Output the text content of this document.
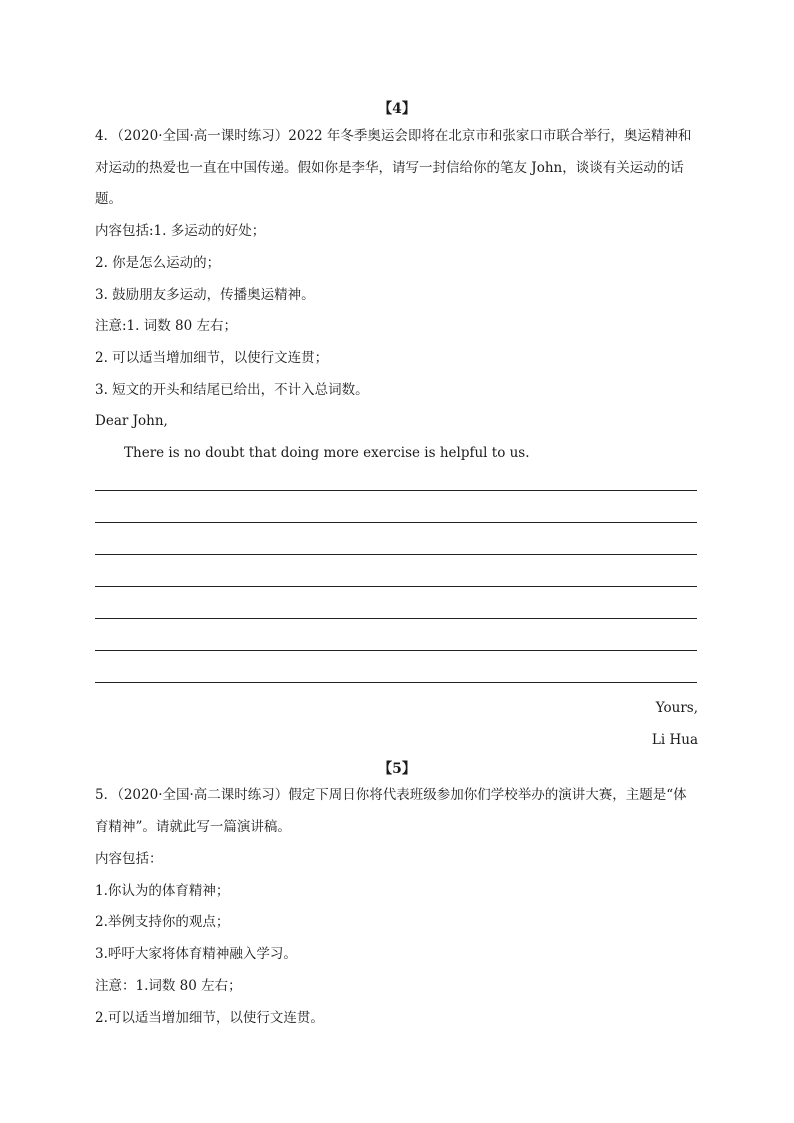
【4】
4．（2020·全国·高一课时练习）2022 年冬季奥运会即将在北京市和张家口市联合举行，奥运精神和
对运动的热爱也一直在中国传递。假如你是李华，请写一封信给你的笔友 John，谈谈有关运动的话
题。
内容包括:1. 多运动的好处；
2. 你是怎么运动的；
3. 鼓励朋友多运动，传播奥运精神。
注意:1. 词数 80 左右；
2. 可以适当增加细节，以使行文连贯；
3. 短文的开头和结尾已给出，不计入总词数。
Dear John,
There is no doubt that doing more exercise is helpful to us.
Yours,
Li Hua
【5】
5．（2020·全国·高二课时练习）假定下周日你将代表班级参加你们学校举办的演讲大赛，主题是“体
育精神”。请就此写一篇演讲稿。
内容包括：
1.你认为的体育精神；
2.举例支持你的观点；
3.呼吁大家将体育精神融入学习。
注意：1.词数 80 左右；
2.可以适当增加细节，以使行文连贯。
